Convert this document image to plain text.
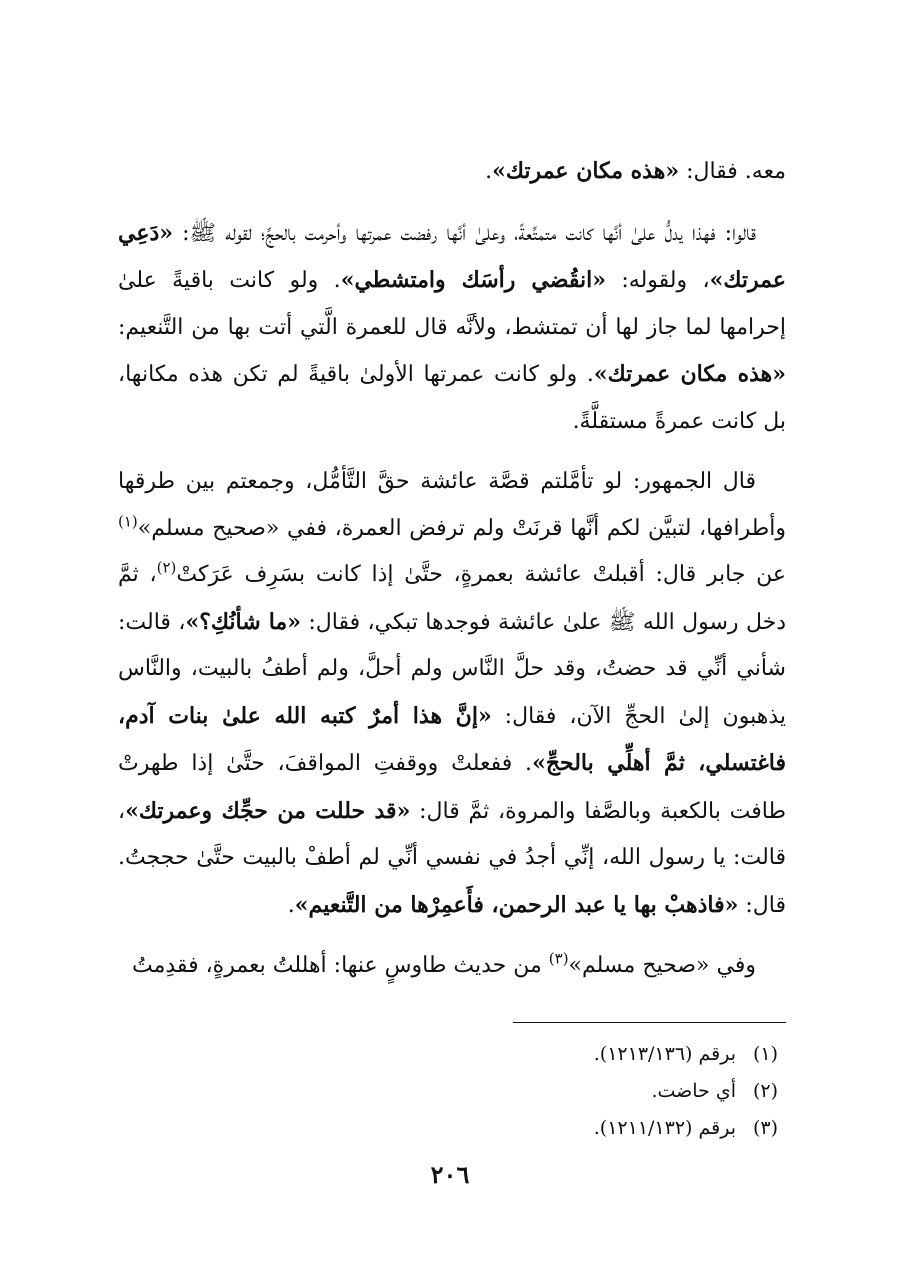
معه. فقال: «هذه مكان عمرتك».

قالوا: فهذا يدلُّ علىٰ أنَّها كانت متمتِّعةً، وعلىٰ أنَّها رفضت عمرتها وأحرمت بالحجِّ؛ لقوله ﷺ: «دَعِي عمرتك»، ولقوله: «انقُضي رأسَك وامتشطي». ولو كانت باقيةً علىٰ إحرامها لما جاز لها أن تمتشط، ولأنَّه قال للعمرة الَّتي أتت بها من التَّنعيم: «هذه مكان عمرتك». ولو كانت عمرتها الأولىٰ باقيةً لم تكن هذه مكانها، بل كانت عمرةً مستقلَّةً.

قال الجمهور: لو تأمَّلتم قصَّة عائشة حقَّ التَّأمُّل، وجمعتم بين طرقها وأطرافها، لتبيَّن لكم أنَّها قرنَتْ ولم ترفض العمرة، ففي «صحيح مسلم»$^{(١)}$ عن جابر قال: أقبلتْ عائشة بعمرةٍ، حتَّىٰ إذا كانت بسَرِف عَرَكتْ$^{(٢)}$، ثمَّ دخل رسول الله ﷺ علىٰ عائشة فوجدها تبكي، فقال: «ما شأنُكِ؟»، قالت: شأني أنِّي قد حضتُ، وقد حلَّ النَّاس ولم أحلَّ، ولم أطفُ بالبيت، والنَّاس يذهبون إلىٰ الحجِّ الآن، فقال: «إنَّ هذا أمرٌ كتبه الله علىٰ بنات آدم، فاغتسلي، ثمَّ أهلِّي بالحجِّ». ففعلتْ ووقفتِ المواقفَ، حتَّىٰ إذا طهرتْ طافت بالكعبة وبالصَّفا والمروة، ثمَّ قال: «قد حللت من حجِّك وعمرتك»، قالت: يا رسول الله، إنِّي أجدُ في نفسي أنِّي لم أطفْ بالبيت حتَّىٰ حججتُ. قال: «فاذهبْ بها يا عبد الرحمن، فأَعمِرْها من التَّنعيم».

وفي «صحيح مسلم»$^{(٣)}$ من حديث طاوسٍ عنها: أهللتُ بعمرةٍ، فقدِمتُ

(١)
برقم (١٢١٣/١٣٦).
(٢)
أي حاضت.
(٣)
برقم (١٢١١/١٣٢).
٢٠٦
